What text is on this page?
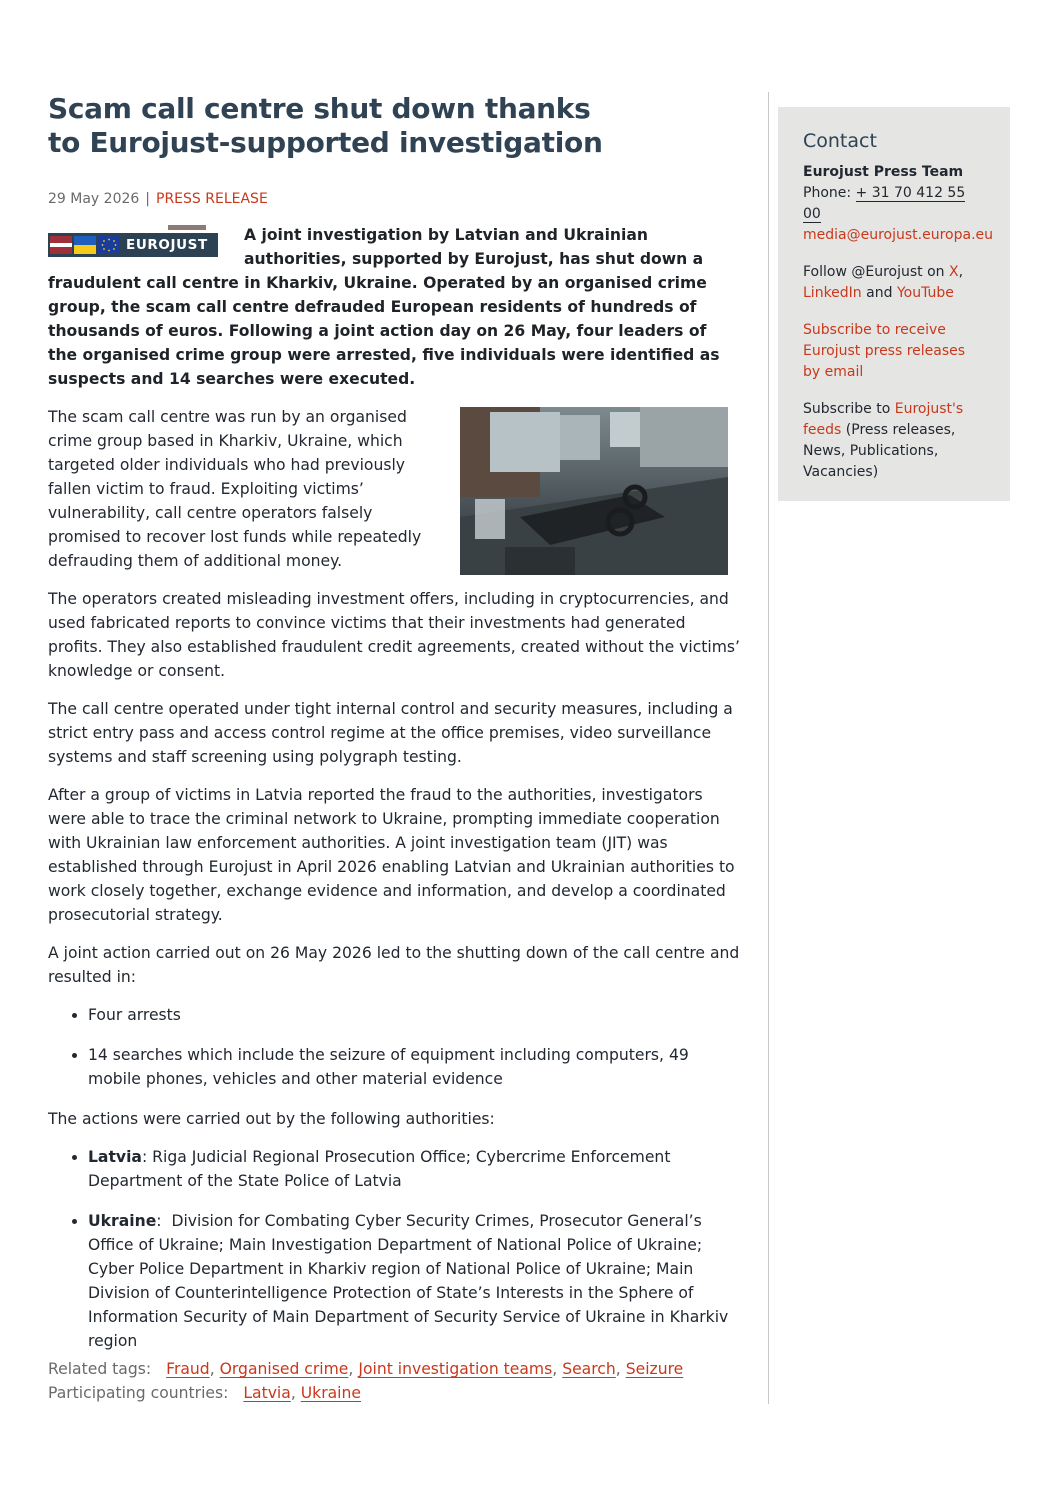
Scam call centre shut down thanks
to Eurojust-supported investigation
29 May 2026 | PRESS RELEASE
EUROJUST
A joint investigation by Latvian and Ukrainian authorities, supported by Eurojust, has shut down a fraudulent call centre in Kharkiv, Ukraine. Operated by an organised crime group, the scam call centre defrauded European residents of hundreds of thousands of euros. Following a joint action day on 26 May, four leaders of the organised crime group were arrested, five individuals were identified as suspects and 14 searches were executed.

The scam call centre was run by an organised crime group based in Kharkiv, Ukraine, which targeted older individuals who had previously fallen victim to fraud. Exploiting victims’ vulnerability, call centre operators falsely promised to recover lost funds while repeatedly defrauding them of additional money.

The operators created misleading investment offers, including in cryptocurrencies, and used fabricated reports to convince victims that their investments had generated profits. They also established fraudulent credit agreements, created without the victims’ knowledge or consent.

The call centre operated under tight internal control and security measures, including a strict entry pass and access control regime at the office premises, video surveillance systems and staff screening using polygraph testing.

After a group of victims in Latvia reported the fraud to the authorities, investigators were able to trace the criminal network to Ukraine, prompting immediate cooperation with Ukrainian law enforcement authorities. A joint investigation team (JIT) was established through Eurojust in April 2026 enabling Latvian and Ukrainian authorities to work closely together, exchange evidence and information, and develop a coordinated prosecutorial strategy.

A joint action carried out on 26 May 2026 led to the shutting down of the call centre and resulted in:

• Four arrests
• 14 searches which include the seizure of equipment including computers, 49 mobile phones, vehicles and other material evidence

The actions were carried out by the following authorities:

• Latvia: Riga Judicial Regional Prosecution Office; Cybercrime Enforcement Department of the State Police of Latvia
• Ukraine:  Division for Combating Cyber Security Crimes, Prosecutor General’s Office of Ukraine; Main Investigation Department of National Police of Ukraine; Cyber Police Department in Kharkiv region of National Police of Ukraine; Main Division of Counterintelligence Protection of State’s Interests in the Sphere of Information Security of Main Department of Security Service of Ukraine in Kharkiv region
Related tags: Fraud, Organised crime, Joint investigation teams, Search, Seizure
Participating countries: Latvia, Ukraine
Contact
Eurojust Press Team
Phone: + 31 70 412 55 00
media@eurojust.europa.eu
Follow @Eurojust on X,
LinkedIn and YouTube
Subscribe to receive Eurojust press releases by email
Subscribe to Eurojust's feeds (Press releases, News, Publications, Vacancies)
